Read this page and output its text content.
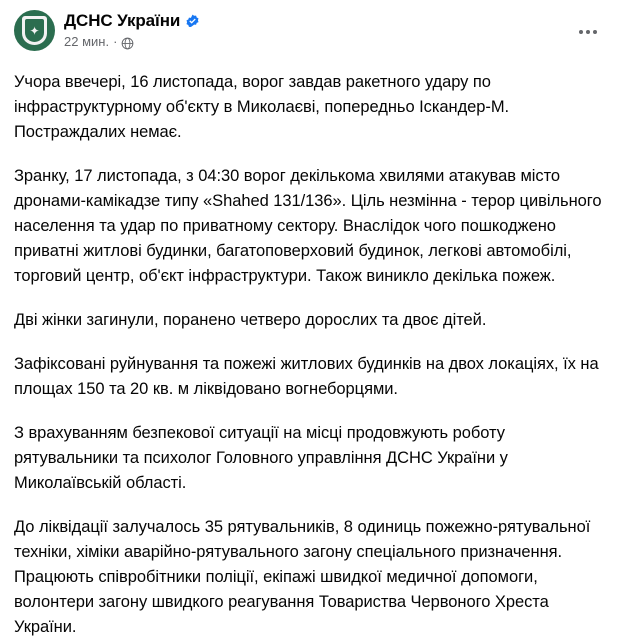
✦
ДСНС України
22 мин. ·

Учора ввечері, 16 листопада, ворог завдав ракетного удару по інфраструктурному об'єкту в Миколаєві, попередньо Іскандер-М. Постраждалих немає.

Зранку, 17 листопада, з 04:30 ворог декількома хвилями атакував місто дронами-камікадзе типу «Shahed 131/136». Ціль незмінна - терор цивільного населення та удар по приватному сектору. Внаслідок чого пошкоджено приватні житлові будинки, багатоповерховий будинок, легкові автомобілі, торговий центр, об'єкт інфраструктури. Також виникло декілька пожеж.

Дві жінки загинули, поранено четверо дорослих та двоє дітей.

Зафіксовані руйнування та пожежі житлових будинків на двох локаціях, їх на площах 150 та 20 кв. м ліквідовано вогнеборцями.

З врахуванням безпекової ситуації на місці продовжують роботу рятувальники та психолог Головного управління ДСНС України у Миколаївській області.

До ліквідації залучалось 35 рятувальників, 8 одиниць пожежно-рятувальної техніки, хіміки аварійно-рятувального загону спеціального призначення. Працюють співробітники поліції, екіпажі швидкої медичної допомоги, волонтери загону швидкого реагування Товариства Червоного Хреста України.
